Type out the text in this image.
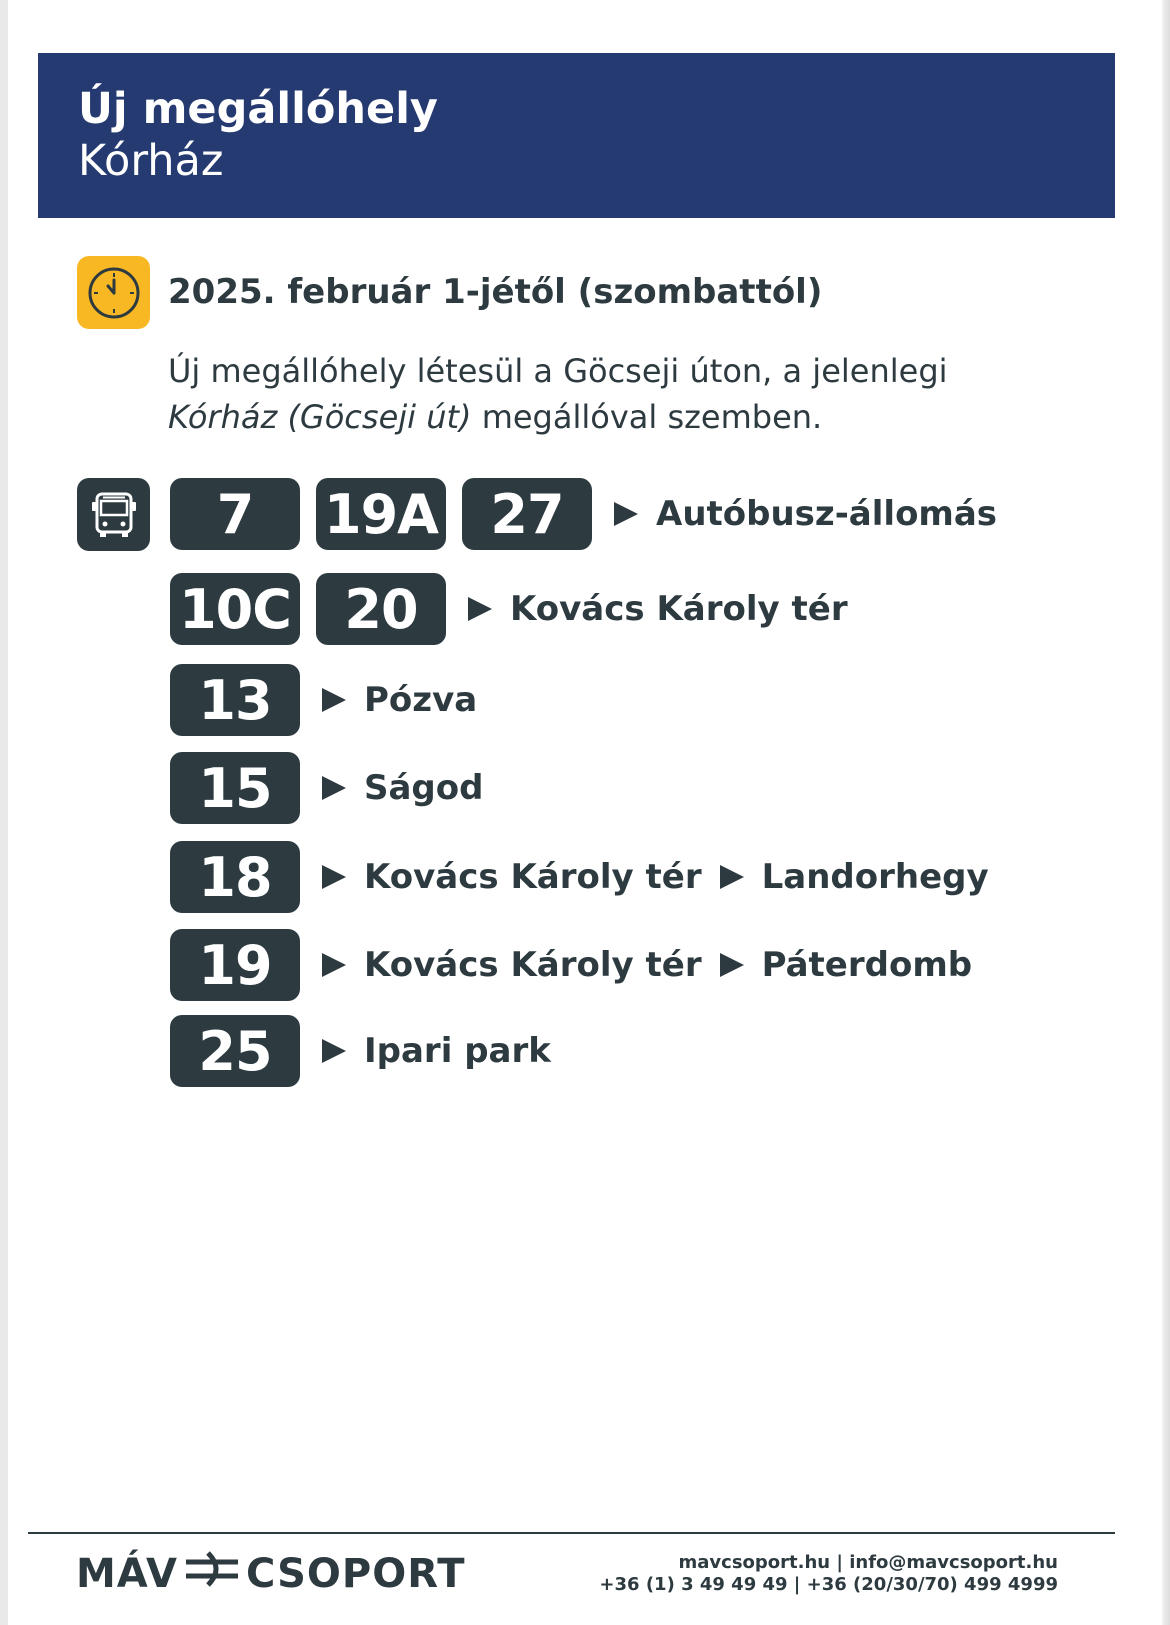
Új megállóhely
Kórház
2025. február 1-jétől (szombattól)
Új megállóhely létesül a Göcseji úton, a jelenlegi
Kórház (Göcseji út) megállóval szemben.
7	19A 27	Autóbusz-állomás
10C 20	Kovács Károly tér
13	Pózva
15	Ságod
18	Kovács Károly tér Landorhegy
19	Kovács Károly tér Páterdomb
25	Ipari park
MÁV CSOPORT	mavcsoport.hu | info@mavcsoport.hu
+36 (1) 3 49 49 49 | +36 (20/30/70) 499 4999
